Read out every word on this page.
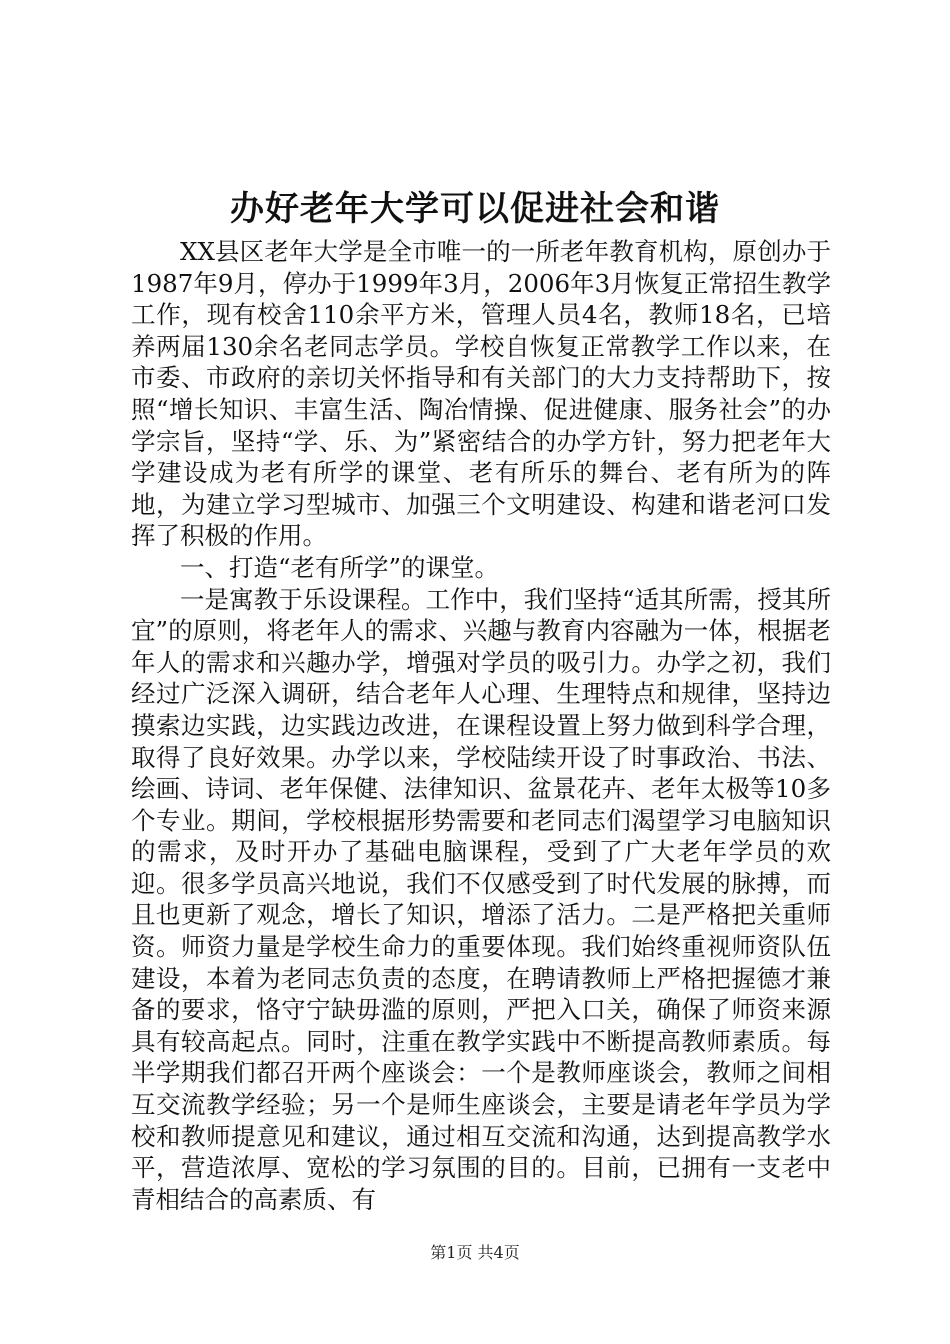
办好老年大学可以促进社会和谐

XX县区老年大学是全市唯一的一所老年教育机构，原创办于1987年9月，停办于1999年3月，2006年3月恢复正常招生教学工作，现有校舍110余平方米，管理人员4名，教师18名，已培养两届130余名老同志学员。学校自恢复正常教学工作以来，在市委、市政府的亲切关怀指导和有关部门的大力支持帮助下，按照“增长知识、丰富生活、陶冶情操、促进健康、服务社会”的办学宗旨，坚持“学、乐、为”紧密结合的办学方针，努力把老年大学建设成为老有所学的课堂、老有所乐的舞台、老有所为的阵地，为建立学习型城市、加强三个文明建设、构建和谐老河口发挥了积极的作用。

一、打造“老有所学”的课堂。

一是寓教于乐设课程。工作中，我们坚持“适其所需，授其所宜”的原则，将老年人的需求、兴趣与教育内容融为一体，根据老年人的需求和兴趣办学，增强对学员的吸引力。办学之初，我们经过广泛深入调研，结合老年人心理、生理特点和规律，坚持边摸索边实践，边实践边改进，在课程设置上努力做到科学合理，取得了良好效果。办学以来，学校陆续开设了时事政治、书法、绘画、诗词、老年保健、法律知识、盆景花卉、老年太极等10多个专业。期间，学校根据形势需要和老同志们渴望学习电脑知识的需求，及时开办了基础电脑课程，受到了广大老年学员的欢迎。很多学员高兴地说，我们不仅感受到了时代发展的脉搏，而且也更新了观念，增长了知识，增添了活力。二是严格把关重师资。师资力量是学校生命力的重要体现。我们始终重视师资队伍建设，本着为老同志负责的态度，在聘请教师上严格把握德才兼备的要求，恪守宁缺毋滥的原则，严把入口关，确保了师资来源具有较高起点。同时，注重在教学实践中不断提高教师素质。每半学期我们都召开两个座谈会：一个是教师座谈会，教师之间相互交流教学经验；另一个是师生座谈会，主要是请老年学员为学校和教师提意见和建议，通过相互交流和沟通，达到提高教学水平，营造浓厚、宽松的学习氛围的目的。目前，已拥有一支老中青相结合的高素质、有

第1页 共4页
